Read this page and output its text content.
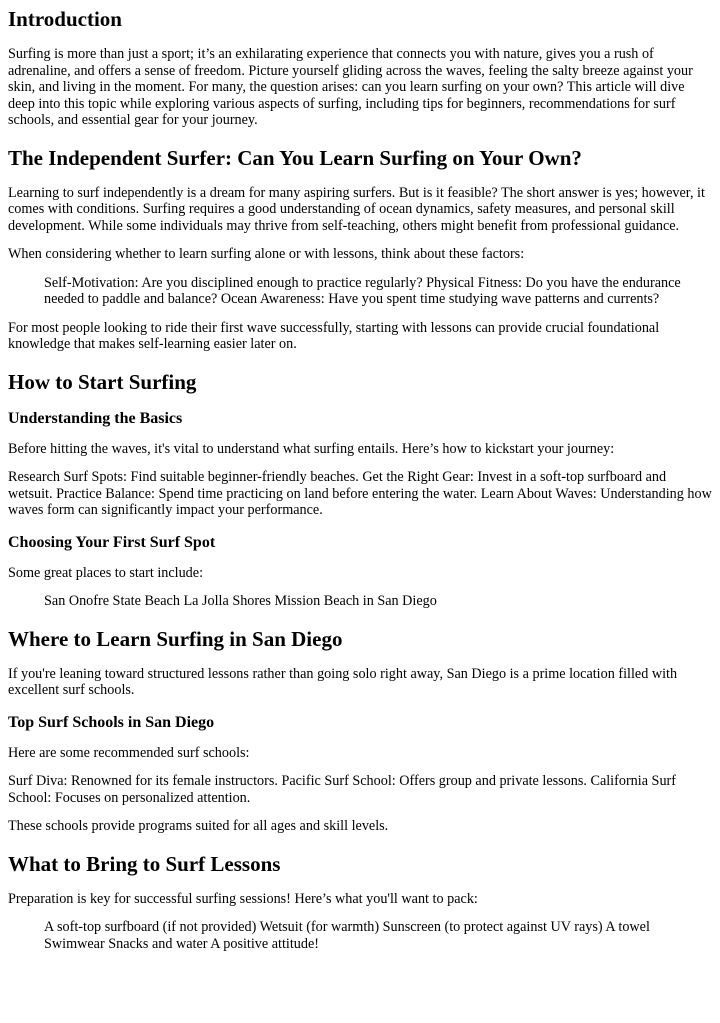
Introduction

Surfing is more than just a sport; it’s an exhilarating experience that connects you with nature, gives you a rush of adrenaline, and offers a sense of freedom. Picture yourself gliding across the waves, feeling the salty breeze against your skin, and living in the moment. For many, the question arises: can you learn surfing on your own? This article will dive deep into this topic while exploring various aspects of surfing, including tips for beginners, recommendations for surf schools, and essential gear for your journey.

The Independent Surfer: Can You Learn Surfing on Your Own?

Learning to surf independently is a dream for many aspiring surfers. But is it feasible? The short answer is yes; however, it comes with conditions. Surfing requires a good understanding of ocean dynamics, safety measures, and personal skill development. While some individuals may thrive from self-teaching, others might benefit from professional guidance.

When considering whether to learn surfing alone or with lessons, think about these factors:

Self-Motivation: Are you disciplined enough to practice regularly? Physical Fitness: Do you have the endurance needed to paddle and balance? Ocean Awareness: Have you spent time studying wave patterns and currents?

For most people looking to ride their first wave successfully, starting with lessons can provide crucial foundational knowledge that makes self-learning easier later on.

How to Start Surfing
Understanding the Basics

Before hitting the waves, it's vital to understand what surfing entails. Here’s how to kickstart your journey:

Research Surf Spots: Find suitable beginner-friendly beaches. Get the Right Gear: Invest in a soft-top surfboard and wetsuit. Practice Balance: Spend time practicing on land before entering the water. Learn About Waves: Understanding how waves form can significantly impact your performance.

Choosing Your First Surf Spot

Some great places to start include:

San Onofre State Beach La Jolla Shores Mission Beach in San Diego
Where to Learn Surfing in San Diego

If you're leaning toward structured lessons rather than going solo right away, San Diego is a prime location filled with excellent surf schools.

Top Surf Schools in San Diego

Here are some recommended surf schools:

Surf Diva: Renowned for its female instructors. Pacific Surf School: Offers group and private lessons. California Surf School: Focuses on personalized attention.

These schools provide programs suited for all ages and skill levels.

What to Bring to Surf Lessons

Preparation is key for successful surfing sessions! Here’s what you'll want to pack:

A soft-top surfboard (if not provided) Wetsuit (for warmth) Sunscreen (to protect against UV rays) A towel Swimwear Snacks and water A positive attitude!
